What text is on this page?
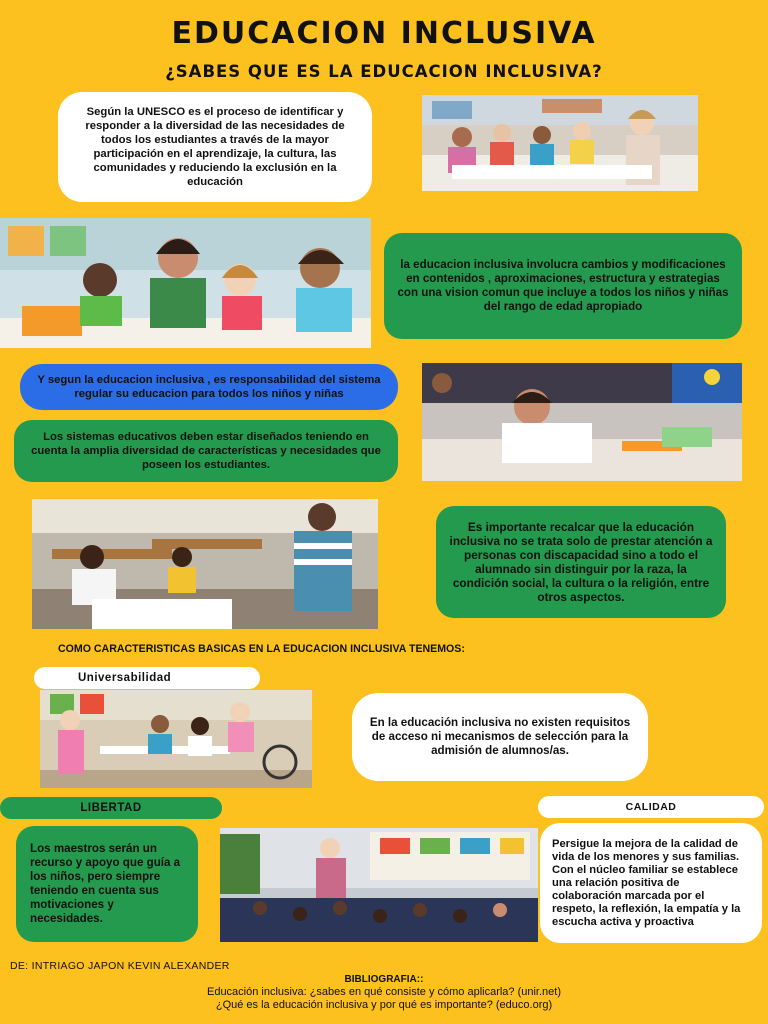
EDUCACION INCLUSIVA
¿SABES QUE ES LA EDUCACION INCLUSIVA?
Según la UNESCO es el proceso de identificar y responder a la diversidad de las necesidades de todos los estudiantes a través de la mayor participación en el aprendizaje, la cultura, las comunidades y reduciendo la exclusión en la educación
la educacion inclusiva involucra cambios y modificaciones en contenidos , aproximaciones, estructura y estrategias con una vision comun que incluye a todos los niños y niñas del rango de edad apropiado
Y segun la educacion inclusiva , es responsabilidad del sistema regular su educacion para todos los niños y niñas
Los sistemas educativos deben estar diseñados teniendo en cuenta la amplia diversidad de características y necesidades que poseen los estudiantes.
Es importante recalcar que la educación inclusiva no se trata solo de prestar atención a personas con discapacidad sino a todo el alumnado sin distinguir por la raza, la condición social, la cultura o la religión, entre otros aspectos.
COMO CARACTERISTICAS BASICAS EN LA EDUCACION INCLUSIVA TENEMOS:
Universabilidad
En la educación inclusiva no existen requisitos de acceso ni mecanismos de selección para la admisión de alumnos/as.
LIBERTAD	CALIDAD
Los maestros serán un recurso y apoyo que guía a los niños, pero siempre teniendo en cuenta sus motivaciones y necesidades.
Persigue la mejora de la calidad de vida de los menores y sus familias. Con el núcleo familiar se establece una relación positiva de colaboración marcada por el respeto, la reflexión, la empatía y la escucha activa y proactiva
DE: INTRIAGO JAPON KEVIN ALEXANDER
BIBLIOGRAFIA::
Educación inclusiva: ¿sabes en qué consiste y cómo aplicarla? (unir.net)
¿Qué es la educación inclusiva y por qué es importante? (educo.org)
